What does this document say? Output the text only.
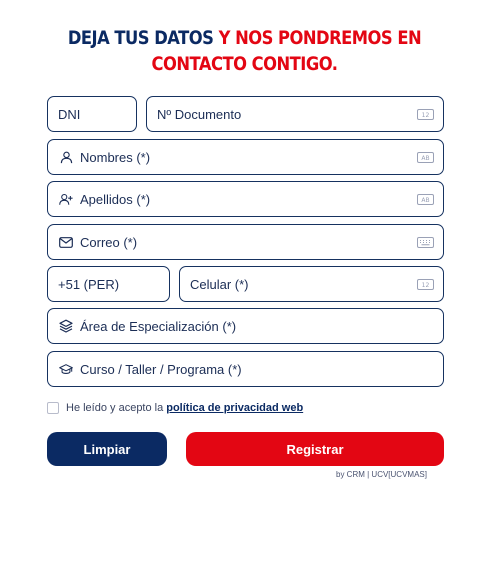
DEJA TUS DATOS Y NOS PONDREMOS EN CONTACTO CONTIGO.
DNI	Nº Documento	12
Nombres (*)	AB
Apellidos (*)	AB
Correo (*)
+51 (PER)	Celular (*)	12
Área de Especialización (*)
Curso / Taller / Programa (*)
He leído y acepto la política de privacidad web
Limpiar	Registrar
by CRM | UCV[UCVMAS]
